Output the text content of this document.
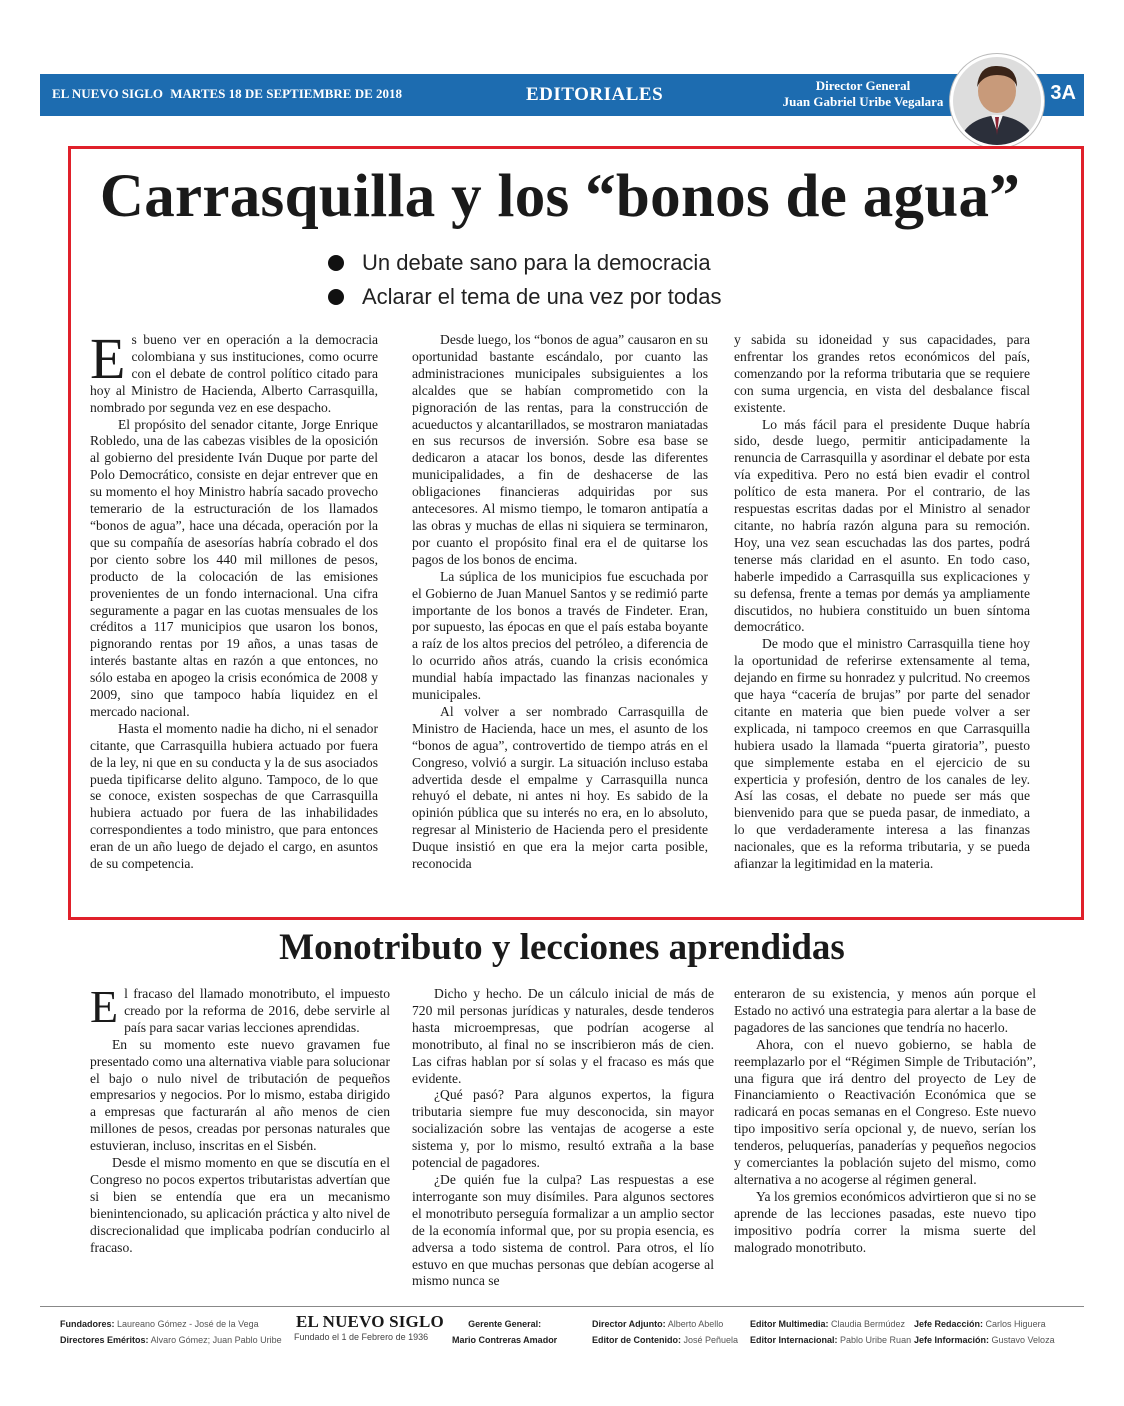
EL NUEVO SIGLO MARTES 18 DE SEPTIEMBRE DE 2018	EDITORIALES	Director General
Juan Gabriel Uribe Vegalara	3A
Carrasquilla y los “bonos de agua”
Un debate sano para la democracia
Aclarar el tema de una vez por todas

Es bueno ver en operación a la democracia colombiana y sus instituciones, como ocurre con el debate de control político citado para hoy al Ministro de Hacienda, Alberto Carrasquilla, nombrado por segunda vez en ese despacho.

El propósito del senador citante, Jorge Enrique Robledo, una de las cabezas visibles de la oposición al gobierno del presidente Iván Duque por parte del Polo Democrático, consiste en dejar entrever que en su momento el hoy Ministro habría sacado provecho temerario de la estructuración de los llamados “bonos de agua”, hace una década, operación por la que su compañía de asesorías habría cobrado el dos por ciento sobre los 440 mil millones de pesos, producto de la colocación de las emisiones provenientes de un fondo internacional. Una cifra seguramente a pagar en las cuotas mensuales de los créditos a 117 municipios que usaron los bonos, pignorando rentas por 19 años, a unas tasas de interés bastante altas en razón a que entonces, no sólo estaba en apogeo la crisis económica de 2008 y 2009, sino que tampoco había liquidez en el mercado nacional.

Hasta el momento nadie ha dicho, ni el senador citante, que Carrasquilla hubiera actuado por fuera de la ley, ni que en su conducta y la de sus asociados pueda tipificarse delito alguno. Tampoco, de lo que se conoce, existen sospechas de que Carrasquilla hubiera actuado por fuera de las inhabilidades correspondientes a todo ministro, que para entonces eran de un año luego de dejado el cargo, en asuntos de su competencia.

Desde luego, los “bonos de agua” causaron en su oportunidad bastante escándalo, por cuanto las administraciones municipales subsiguientes a los alcaldes que se habían comprometido con la pignoración de las rentas, para la construcción de acueductos y alcantarillados, se mostraron maniatadas en sus recursos de inversión. Sobre esa base se dedicaron a atacar los bonos, desde las diferentes municipalidades, a fin de deshacerse de las obligaciones financieras adquiridas por sus antecesores. Al mismo tiempo, le tomaron antipatía a las obras y muchas de ellas ni siquiera se terminaron, por cuanto el propósito final era el de quitarse los pagos de los bonos de encima.

La súplica de los municipios fue escuchada por el Gobierno de Juan Manuel Santos y se redimió parte importante de los bonos a través de Findeter. Eran, por supuesto, las épocas en que el país estaba boyante a raíz de los altos precios del petróleo, a diferencia de lo ocurrido años atrás, cuando la crisis económica mundial había impactado las finanzas nacionales y municipales.

Al volver a ser nombrado Carrasquilla de Ministro de Hacienda, hace un mes, el asunto de los “bonos de agua”, controvertido de tiempo atrás en el Congreso, volvió a surgir. La situación incluso estaba advertida desde el empalme y Carrasquilla nunca rehuyó el debate, ni antes ni hoy. Es sabido de la opinión pública que su interés no era, en lo absoluto, regresar al Ministerio de Hacienda pero el presidente Duque insistió en que era la mejor carta posible, reconocida

y sabida su idoneidad y sus capacidades, para enfrentar los grandes retos económicos del país, comenzando por la reforma tributaria que se requiere con suma urgencia, en vista del desbalance fiscal existente.

Lo más fácil para el presidente Duque habría sido, desde luego, permitir anticipadamente la renuncia de Carrasquilla y asordinar el debate por esta vía expeditiva. Pero no está bien evadir el control político de esta manera. Por el contrario, de las respuestas escritas dadas por el Ministro al senador citante, no habría razón alguna para su remoción. Hoy, una vez sean escuchadas las dos partes, podrá tenerse más claridad en el asunto. En todo caso, haberle impedido a Carrasquilla sus explicaciones y su defensa, frente a temas por demás ya ampliamente discutidos, no hubiera constituido un buen síntoma democrático.

De modo que el ministro Carrasquilla tiene hoy la oportunidad de referirse extensamente al tema, dejando en firme su honradez y pulcritud. No creemos que haya “cacería de brujas” por parte del senador citante en materia que bien puede volver a ser explicada, ni tampoco creemos en que Carrasquilla hubiera usado la llamada “puerta giratoria”, puesto que simplemente estaba en el ejercicio de su experticia y profesión, dentro de los canales de ley. Así las cosas, el debate no puede ser más que bienvenido para que se pueda pasar, de inmediato, a lo que verdaderamente interesa a las finanzas nacionales, que es la reforma tributaria, y se pueda afianzar la legitimidad en la materia.

Monotributo y lecciones aprendidas

El fracaso del llamado monotributo, el impuesto creado por la reforma de 2016, debe servirle al país para sacar varias lecciones aprendidas.

En su momento este nuevo gravamen fue presentado como una alternativa viable para solucionar el bajo o nulo nivel de tributación de pequeños empresarios y negocios. Por lo mismo, estaba dirigido a empresas que facturarán al año menos de cien millones de pesos, creadas por personas naturales que estuvieran, incluso, inscritas en el Sisbén.

Desde el mismo momento en que se discutía en el Congreso no pocos expertos tributaristas advertían que si bien se entendía que era un mecanismo bienintencionado, su aplicación práctica y alto nivel de discrecionalidad que implicaba podrían conducirlo al fracaso.

Dicho y hecho. De un cálculo inicial de más de 720 mil personas jurídicas y naturales, desde tenderos hasta microempresas, que podrían acogerse al monotributo, al final no se inscribieron más de cien. Las cifras hablan por sí solas y el fracaso es más que evidente.

¿Qué pasó? Para algunos expertos, la figura tributaria siempre fue muy desconocida, sin mayor socialización sobre las ventajas de acogerse a este sistema y, por lo mismo, resultó extraña a la base potencial de pagadores.

¿De quién fue la culpa? Las respuestas a ese interrogante son muy disímiles. Para algunos sectores el monotributo perseguía formalizar a un amplio sector de la economía informal que, por su propia esencia, es adversa a todo sistema de control. Para otros, el lío estuvo en que muchas personas que debían acogerse al mismo nunca se

enteraron de su existencia, y menos aún porque el Estado no activó una estrategia para alertar a la base de pagadores de las sanciones que tendría no hacerlo.

Ahora, con el nuevo gobierno, se habla de reemplazarlo por el “Régimen Simple de Tributación”, una figura que irá dentro del proyecto de Ley de Financiamiento o Reactivación Económica que se radicará en pocas semanas en el Congreso. Este nuevo tipo impositivo sería opcional y, de nuevo, serían los tenderos, peluquerías, panaderías y pequeños negocios y comerciantes la población sujeto del mismo, como alternativa a no acogerse al régimen general.

Ya los gremios económicos advirtieron que si no se aprende de las lecciones pasadas, este nuevo tipo impositivo podría correr la misma suerte del malogrado monotributo.

Fundadores: Laureano Gómez - José de la Vega
Directores Eméritos: Alvaro Gómez; Juan Pablo Uribe
EL NUEVO SIGLO
Fundado el 1 de Febrero de 1936
Gerente General:
Mario Contreras Amador
Director Adjunto: Alberto Abello
Editor de Contenido: José Peñuela
Editor Multimedia: Claudia Bermúdez
Editor Internacional: Pablo Uribe Ruan
Jefe Redacción: Carlos Higuera
Jefe Información: Gustavo Veloza
